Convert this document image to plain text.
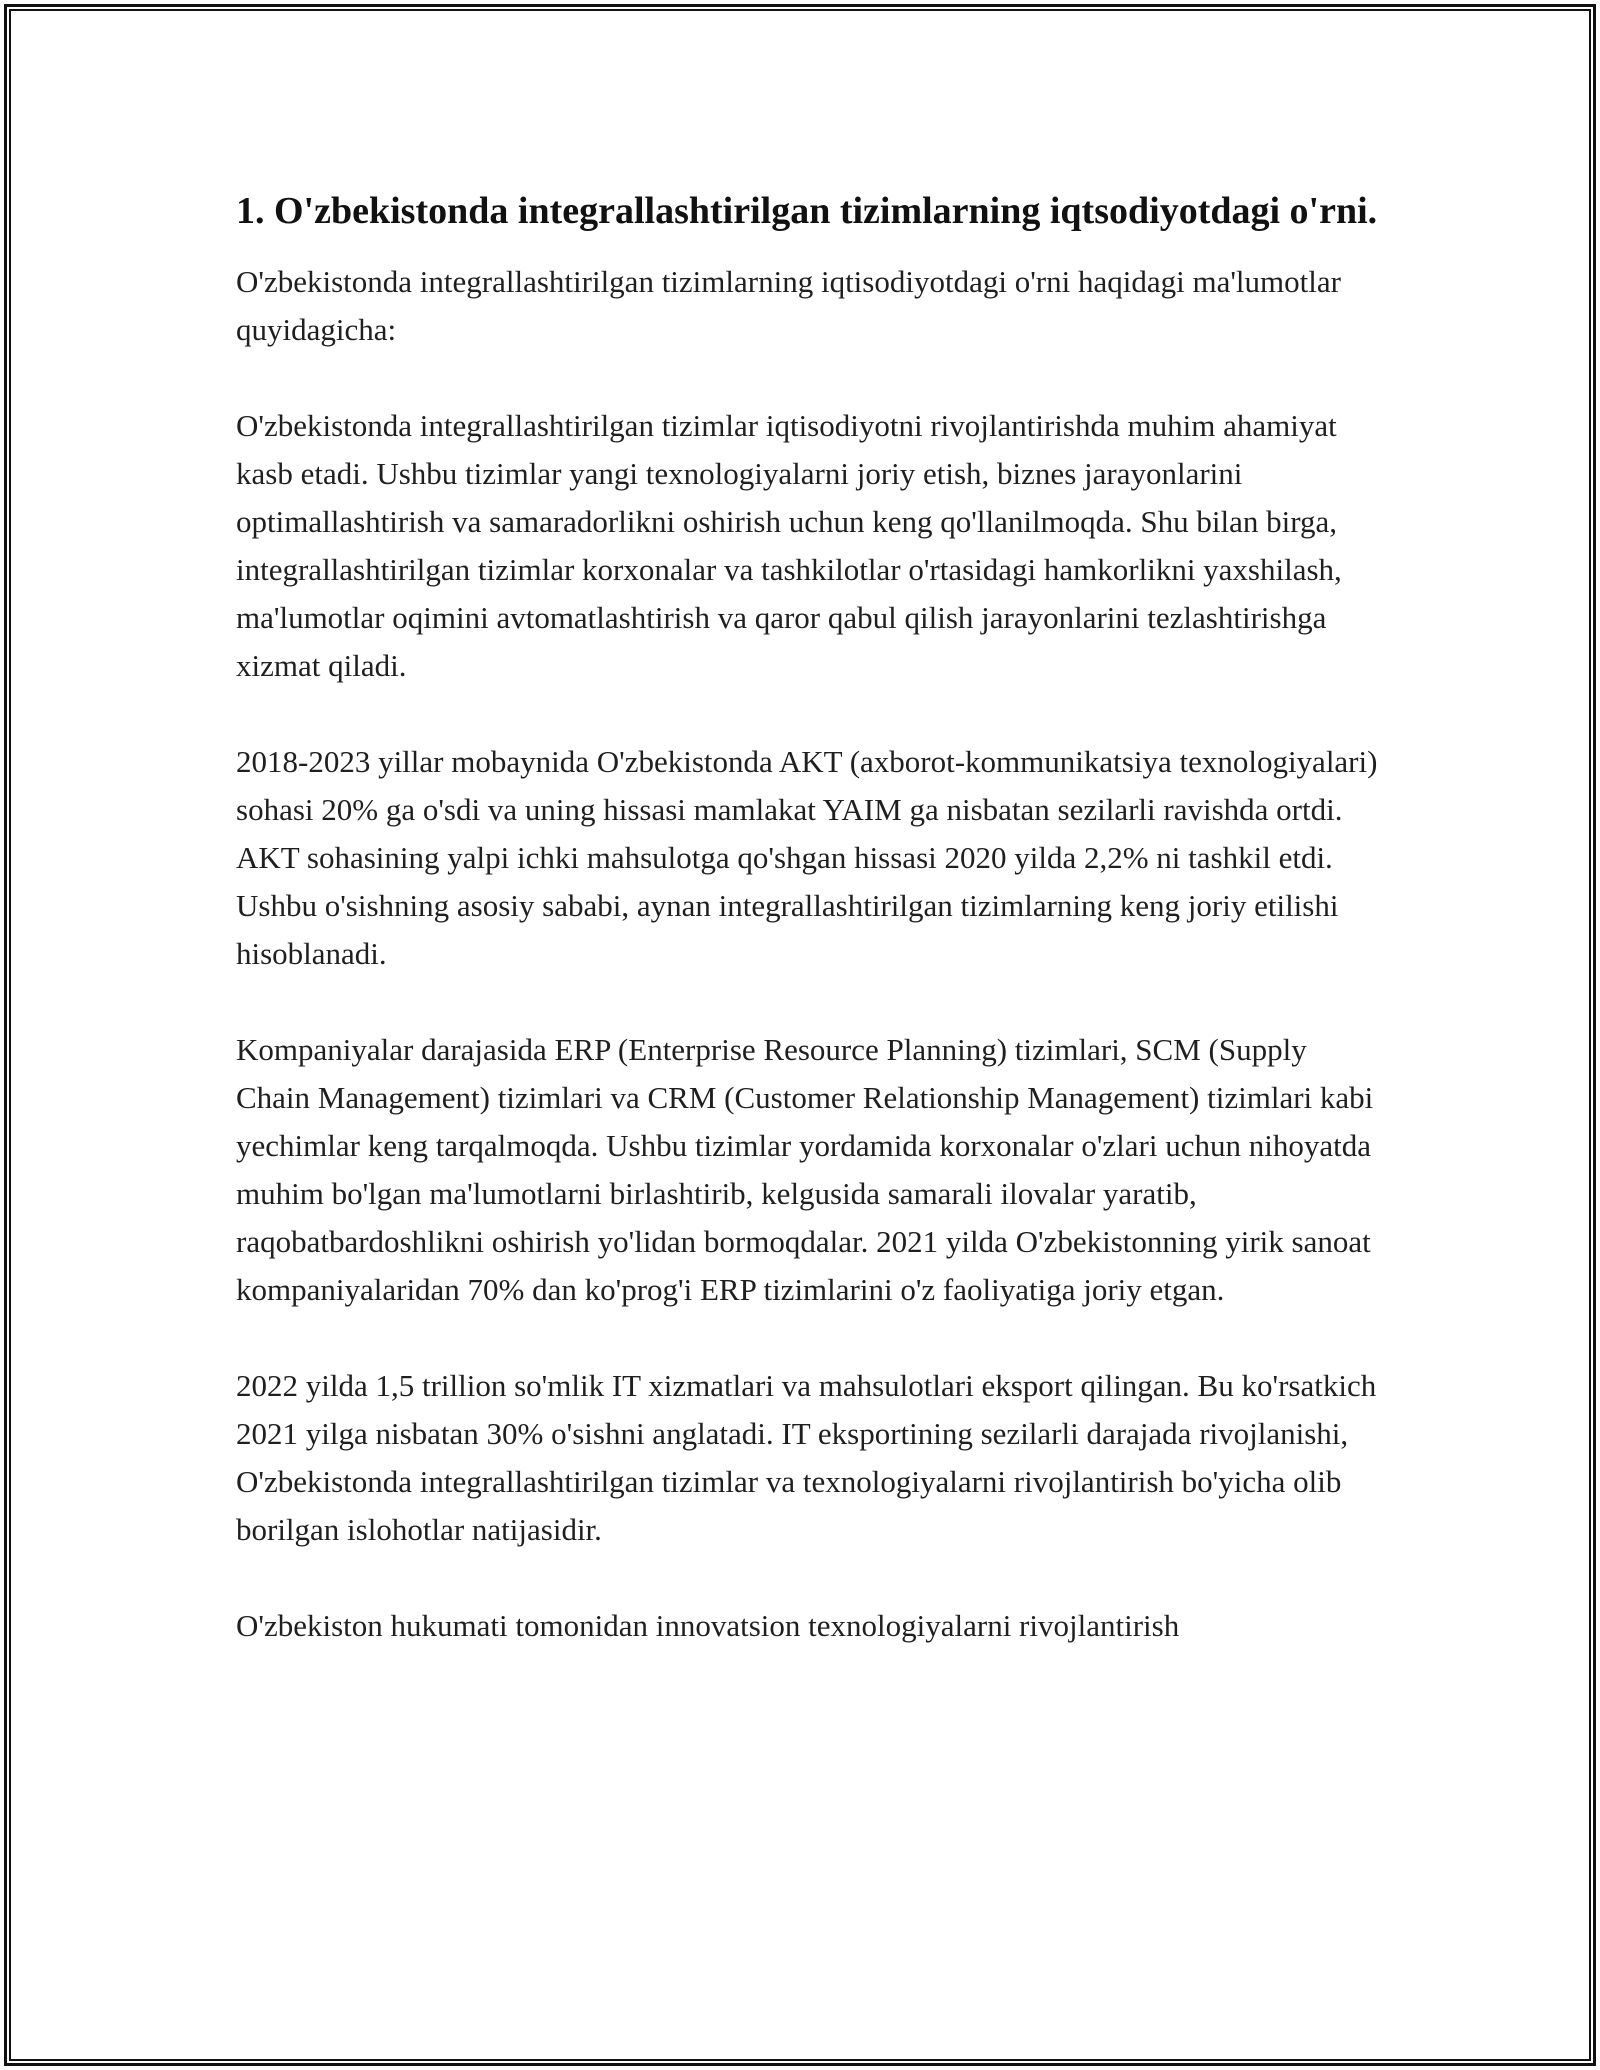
1. O'zbekistonda integrallashtirilgan tizimlarning iqtsodiyotdagi o'rni.

O'zbekistonda integrallashtirilgan tizimlarning iqtisodiyotdagi o'rni haqidagi ma'lumotlar quyidagicha:

O'zbekistonda integrallashtirilgan tizimlar iqtisodiyotni rivojlantirishda muhim ahamiyat kasb etadi. Ushbu tizimlar yangi texnologiyalarni joriy etish, biznes jarayonlarini optimallashtirish va samaradorlikni oshirish uchun keng qo'llanilmoqda. Shu bilan birga, integrallashtirilgan tizimlar korxonalar va tashkilotlar o'rtasidagi hamkorlikni yaxshilash, ma'lumotlar oqimini avtomatlashtirish va qaror qabul qilish jarayonlarini tezlashtirishga xizmat qiladi.

2018-2023 yillar mobaynida O'zbekistonda AKT (axborot-kommunikatsiya texnologiyalari) sohasi 20% ga o'sdi va uning hissasi mamlakat YAIM ga nisbatan sezilarli ravishda ortdi. AKT sohasining yalpi ichki mahsulotga qo'shgan hissasi 2020 yilda 2,2% ni tashkil etdi. Ushbu o'sishning asosiy sababi, aynan integrallashtirilgan tizimlarning keng joriy etilishi hisoblanadi.

Kompaniyalar darajasida ERP (Enterprise Resource Planning) tizimlari, SCM (Supply Chain Management) tizimlari va CRM (Customer Relationship Management) tizimlari kabi yechimlar keng tarqalmoqda. Ushbu tizimlar yordamida korxonalar o'zlari uchun nihoyatda muhim bo'lgan ma'lumotlarni birlashtirib, kelgusida samarali ilovalar yaratib, raqobatbardoshlikni oshirish yo'lidan bormoqdalar. 2021 yilda O'zbekistonning yirik sanoat kompaniyalaridan 70% dan ko'prog'i ERP tizimlarini o'z faoliyatiga joriy etgan.

2022 yilda 1,5 trillion so'mlik IT xizmatlari va mahsulotlari eksport qilingan. Bu ko'rsatkich 2021 yilga nisbatan 30% o'sishni anglatadi. IT eksportining sezilarli darajada rivojlanishi, O'zbekistonda integrallashtirilgan tizimlar va texnologiyalarni rivojlantirish bo'yicha olib borilgan islohotlar natijasidir.

O'zbekiston hukumati tomonidan innovatsion texnologiyalarni rivojlantirish
